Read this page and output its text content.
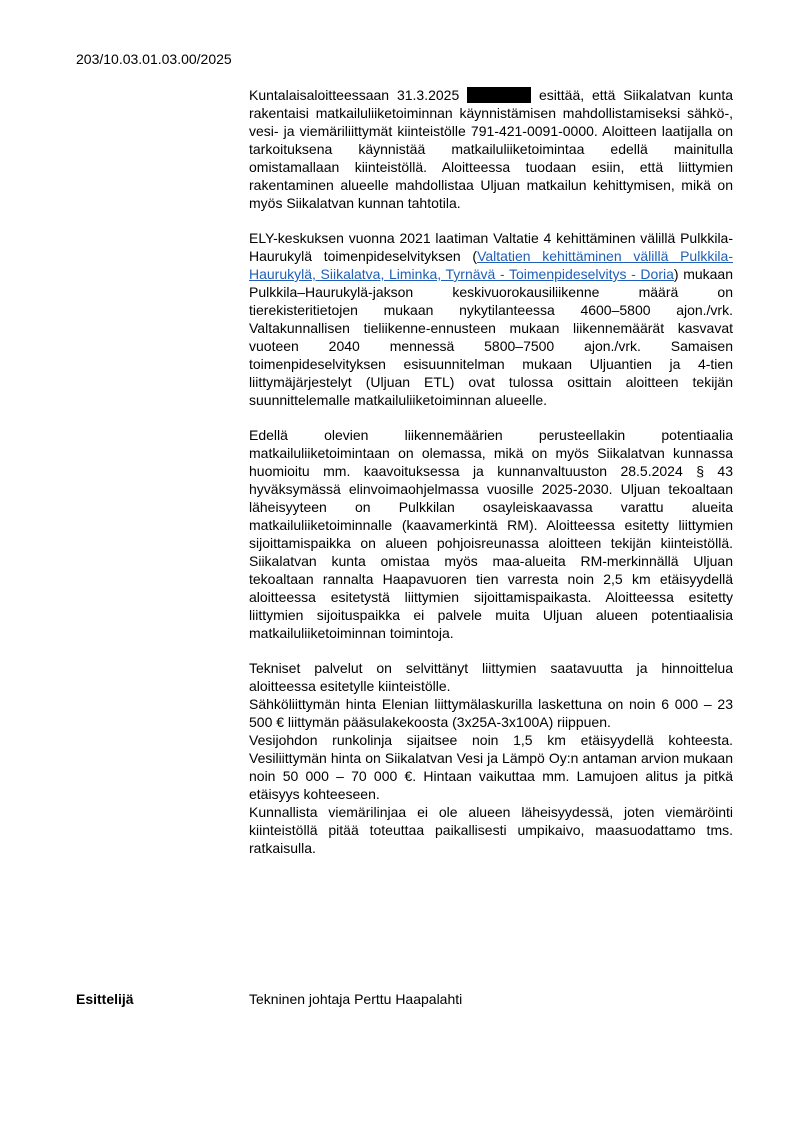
203/10.03.01.03.00/2025

Kuntalaisaloitteessaan 31.3.2025	esittää, että Siikalatvan kunta rakentaisi matkailuliiketoiminnan käynnistämisen mahdollistamiseksi sähkö-, vesi- ja viemäriliittymät kiinteistölle 791-421-0091-0000. Aloitteen laatijalla on tarkoituksena käynnistää matkailuliiketoimintaa edellä mainitulla omistamallaan kiinteistöllä. Aloitteessa tuodaan esiin, että liittymien rakentaminen alueelle mahdollistaa Uljuan matkailun kehittymisen, mikä on myös Siikalatvan kunnan tahtotila.

ELY-keskuksen vuonna 2021 laatiman Valtatie 4 kehittäminen välillä Pulkkila-Haurukylä toimenpideselvityksen (Valtatien kehittäminen välillä Pulkkila-Haurukylä, Siikalatva, Liminka, Tyrnävä - Toimenpideselvitys - Doria) mukaan Pulkkila–Haurukylä-jakson keskivuorokausiliikenne määrä on tierekisteritietojen mukaan nykytilanteessa 4600–5800 ajon./vrk. Valtakunnallisen tieliikenne-ennusteen mukaan liikennemäärät kasvavat vuoteen 2040 mennessä 5800–7500 ajon./vrk. Samaisen toimenpideselvityksen esisuunnitelman mukaan Uljuantien ja 4-tien liittymäjärjestelyt (Uljuan ETL) ovat tulossa osittain aloitteen tekijän suunnittelemalle matkailuliiketoiminnan alueelle.

Edellä olevien liikennemäärien perusteellakin potentiaalia matkailuliiketoimintaan on olemassa, mikä on myös Siikalatvan kunnassa huomioitu mm. kaavoituksessa ja kunnanvaltuuston 28.5.2024 § 43 hyväksymässä elinvoimaohjelmassa vuosille 2025-2030. Uljuan tekoaltaan läheisyyteen on Pulkkilan osayleiskaavassa varattu alueita matkailuliiketoiminnalle (kaavamerkintä RM). Aloitteessa esitetty liittymien sijoittamispaikka on alueen pohjoisreunassa aloitteen tekijän kiinteistöllä. Siikalatvan kunta omistaa myös maa-alueita RM-merkinnällä Uljuan tekoaltaan rannalta Haapavuoren tien varresta noin 2,5 km etäisyydellä aloitteessa esitetystä liittymien sijoittamispaikasta. Aloitteessa esitetty liittymien sijoituspaikka ei palvele muita Uljuan alueen potentiaalisia matkailuliiketoiminnan toimintoja.

Tekniset palvelut on selvittänyt liittymien saatavuutta ja hinnoittelua aloitteessa esitetylle kiinteistölle.
Sähköliittymän hinta Elenian liittymälaskurilla laskettuna on noin 6 000 – 23 500 € liittymän pääsulakekoosta (3x25A-3x100A) riippuen.
Vesijohdon runkolinja sijaitsee noin 1,5 km etäisyydellä kohteesta. Vesiliittymän hinta on Siikalatvan Vesi ja Lämpö Oy:n antaman arvion mukaan noin 50 000 – 70 000 €. Hintaan vaikuttaa mm. Lamujoen alitus ja pitkä etäisyys kohteeseen.
Kunnallista viemärilinjaa ei ole alueen läheisyydessä, joten viemäröinti kiinteistöllä pitää toteuttaa paikallisesti umpikaivo, maasuodattamo tms. ratkaisulla.

Esittelijä	Tekninen johtaja Perttu Haapalahti
